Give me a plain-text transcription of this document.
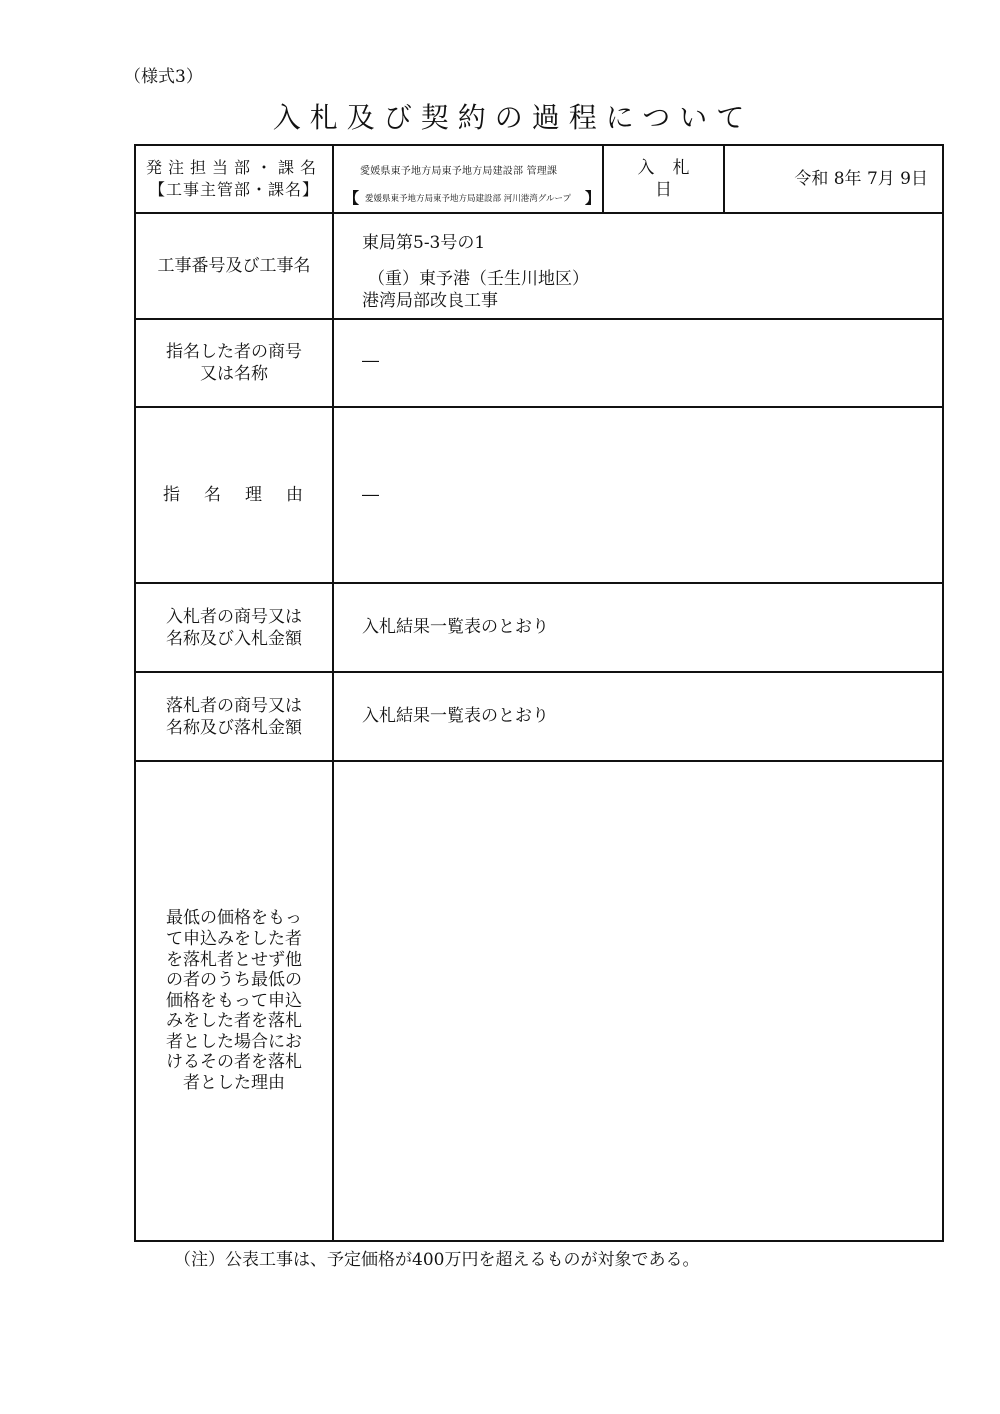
（様式3）
入札及び契約の過程について
発注担当部・課名
【工事主管部・課名】
愛媛県東予地方局東予地方局建設部 管理課
【 愛媛県東予地方局東予地方局建設部 河川港湾グループ 】
入札日
令和 8年 7月 9日
工事番号及び工事名
東局第5-3号の1
（重）東予港（壬生川地区）
港湾局部改良工事
指名した者の商号
又は名称
―
指名理由 ―
入札者の商号又は
名称及び入札金額
入札結果一覧表のとおり
落札者の商号又は
名称及び落札金額
入札結果一覧表のとおり
最低の価格をもって申込みをした者を落札者とせず他の者のうち最低の価格をもって申込みをした者を落札者とした場合におけるその者を落札者とした理由
（注）公表工事は、予定価格が400万円を超えるものが対象である。
